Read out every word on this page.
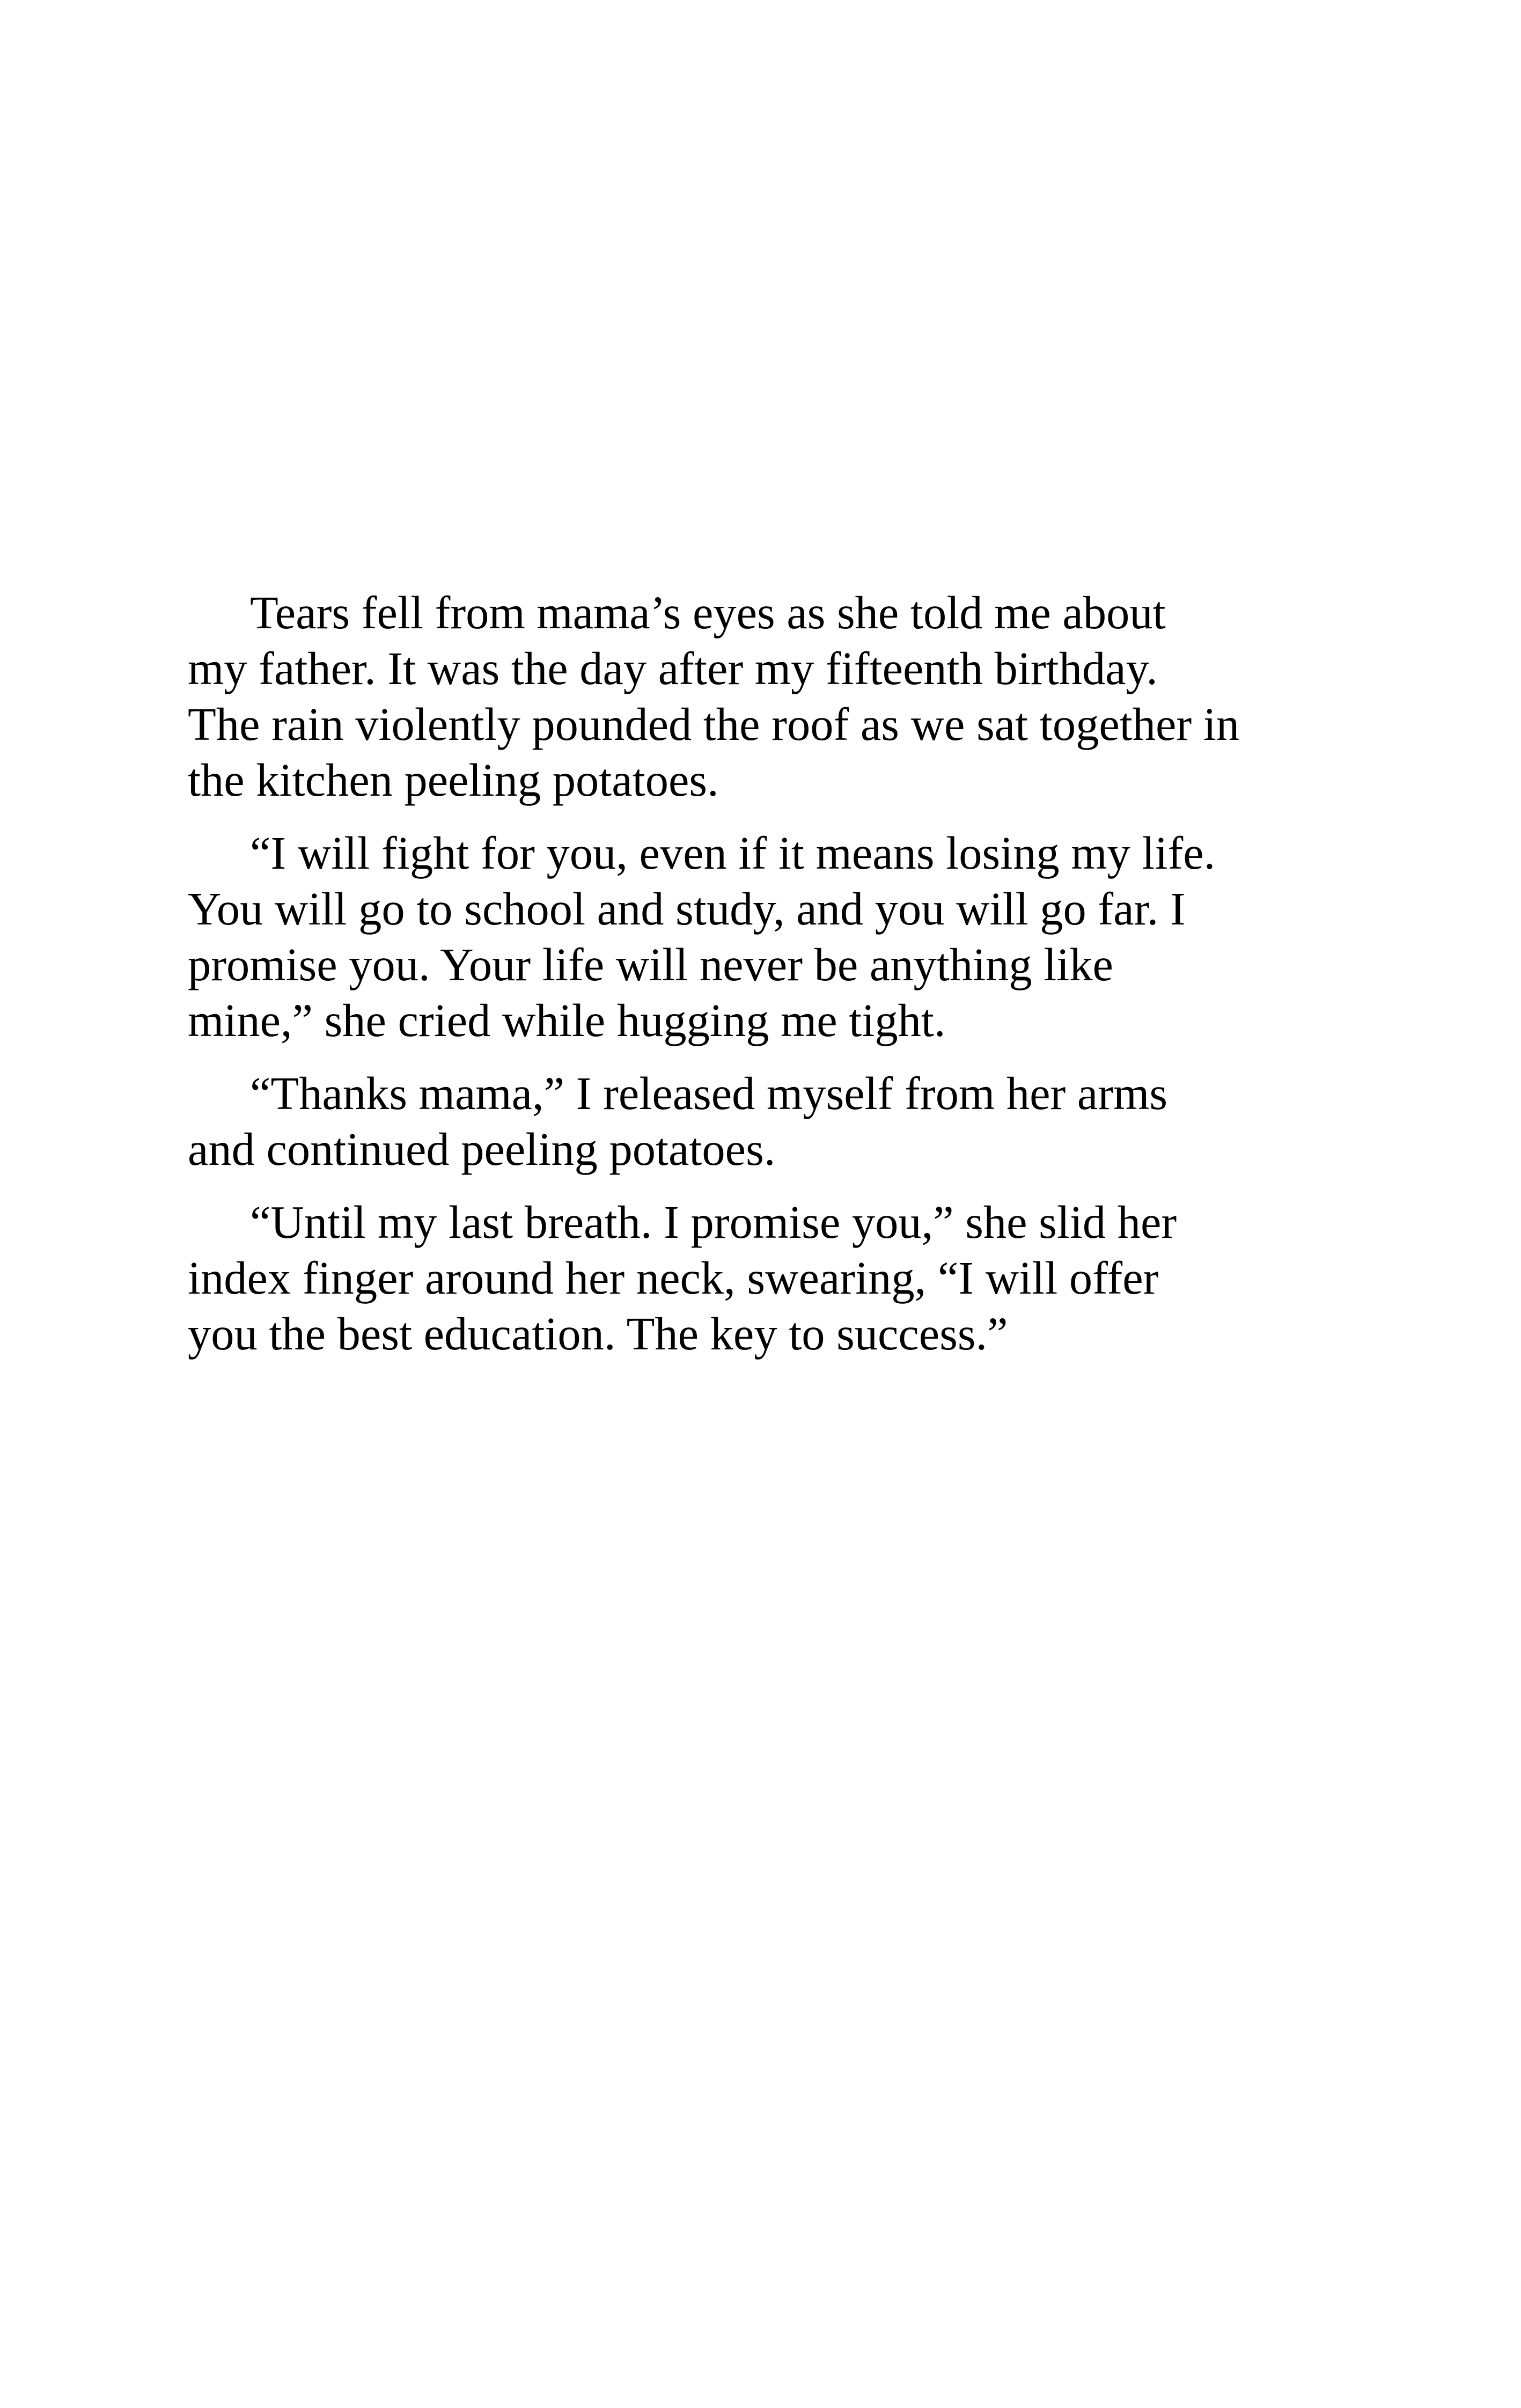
Tears fell from mama’s eyes as she told me about
my father. It was the day after my fifteenth birthday.
The rain violently pounded the roof as we sat together in
the kitchen peeling potatoes.
“I will fight for you, even if it means losing my life.
You will go to school and study, and you will go far. I
promise you. Your life will never be anything like
mine,” she cried while hugging me tight.
“Thanks mama,” I released myself from her arms
and continued peeling potatoes.
“Until my last breath. I promise you,” she slid her
index finger around her neck, swearing, “I will offer
you the best education. The key to success.”
